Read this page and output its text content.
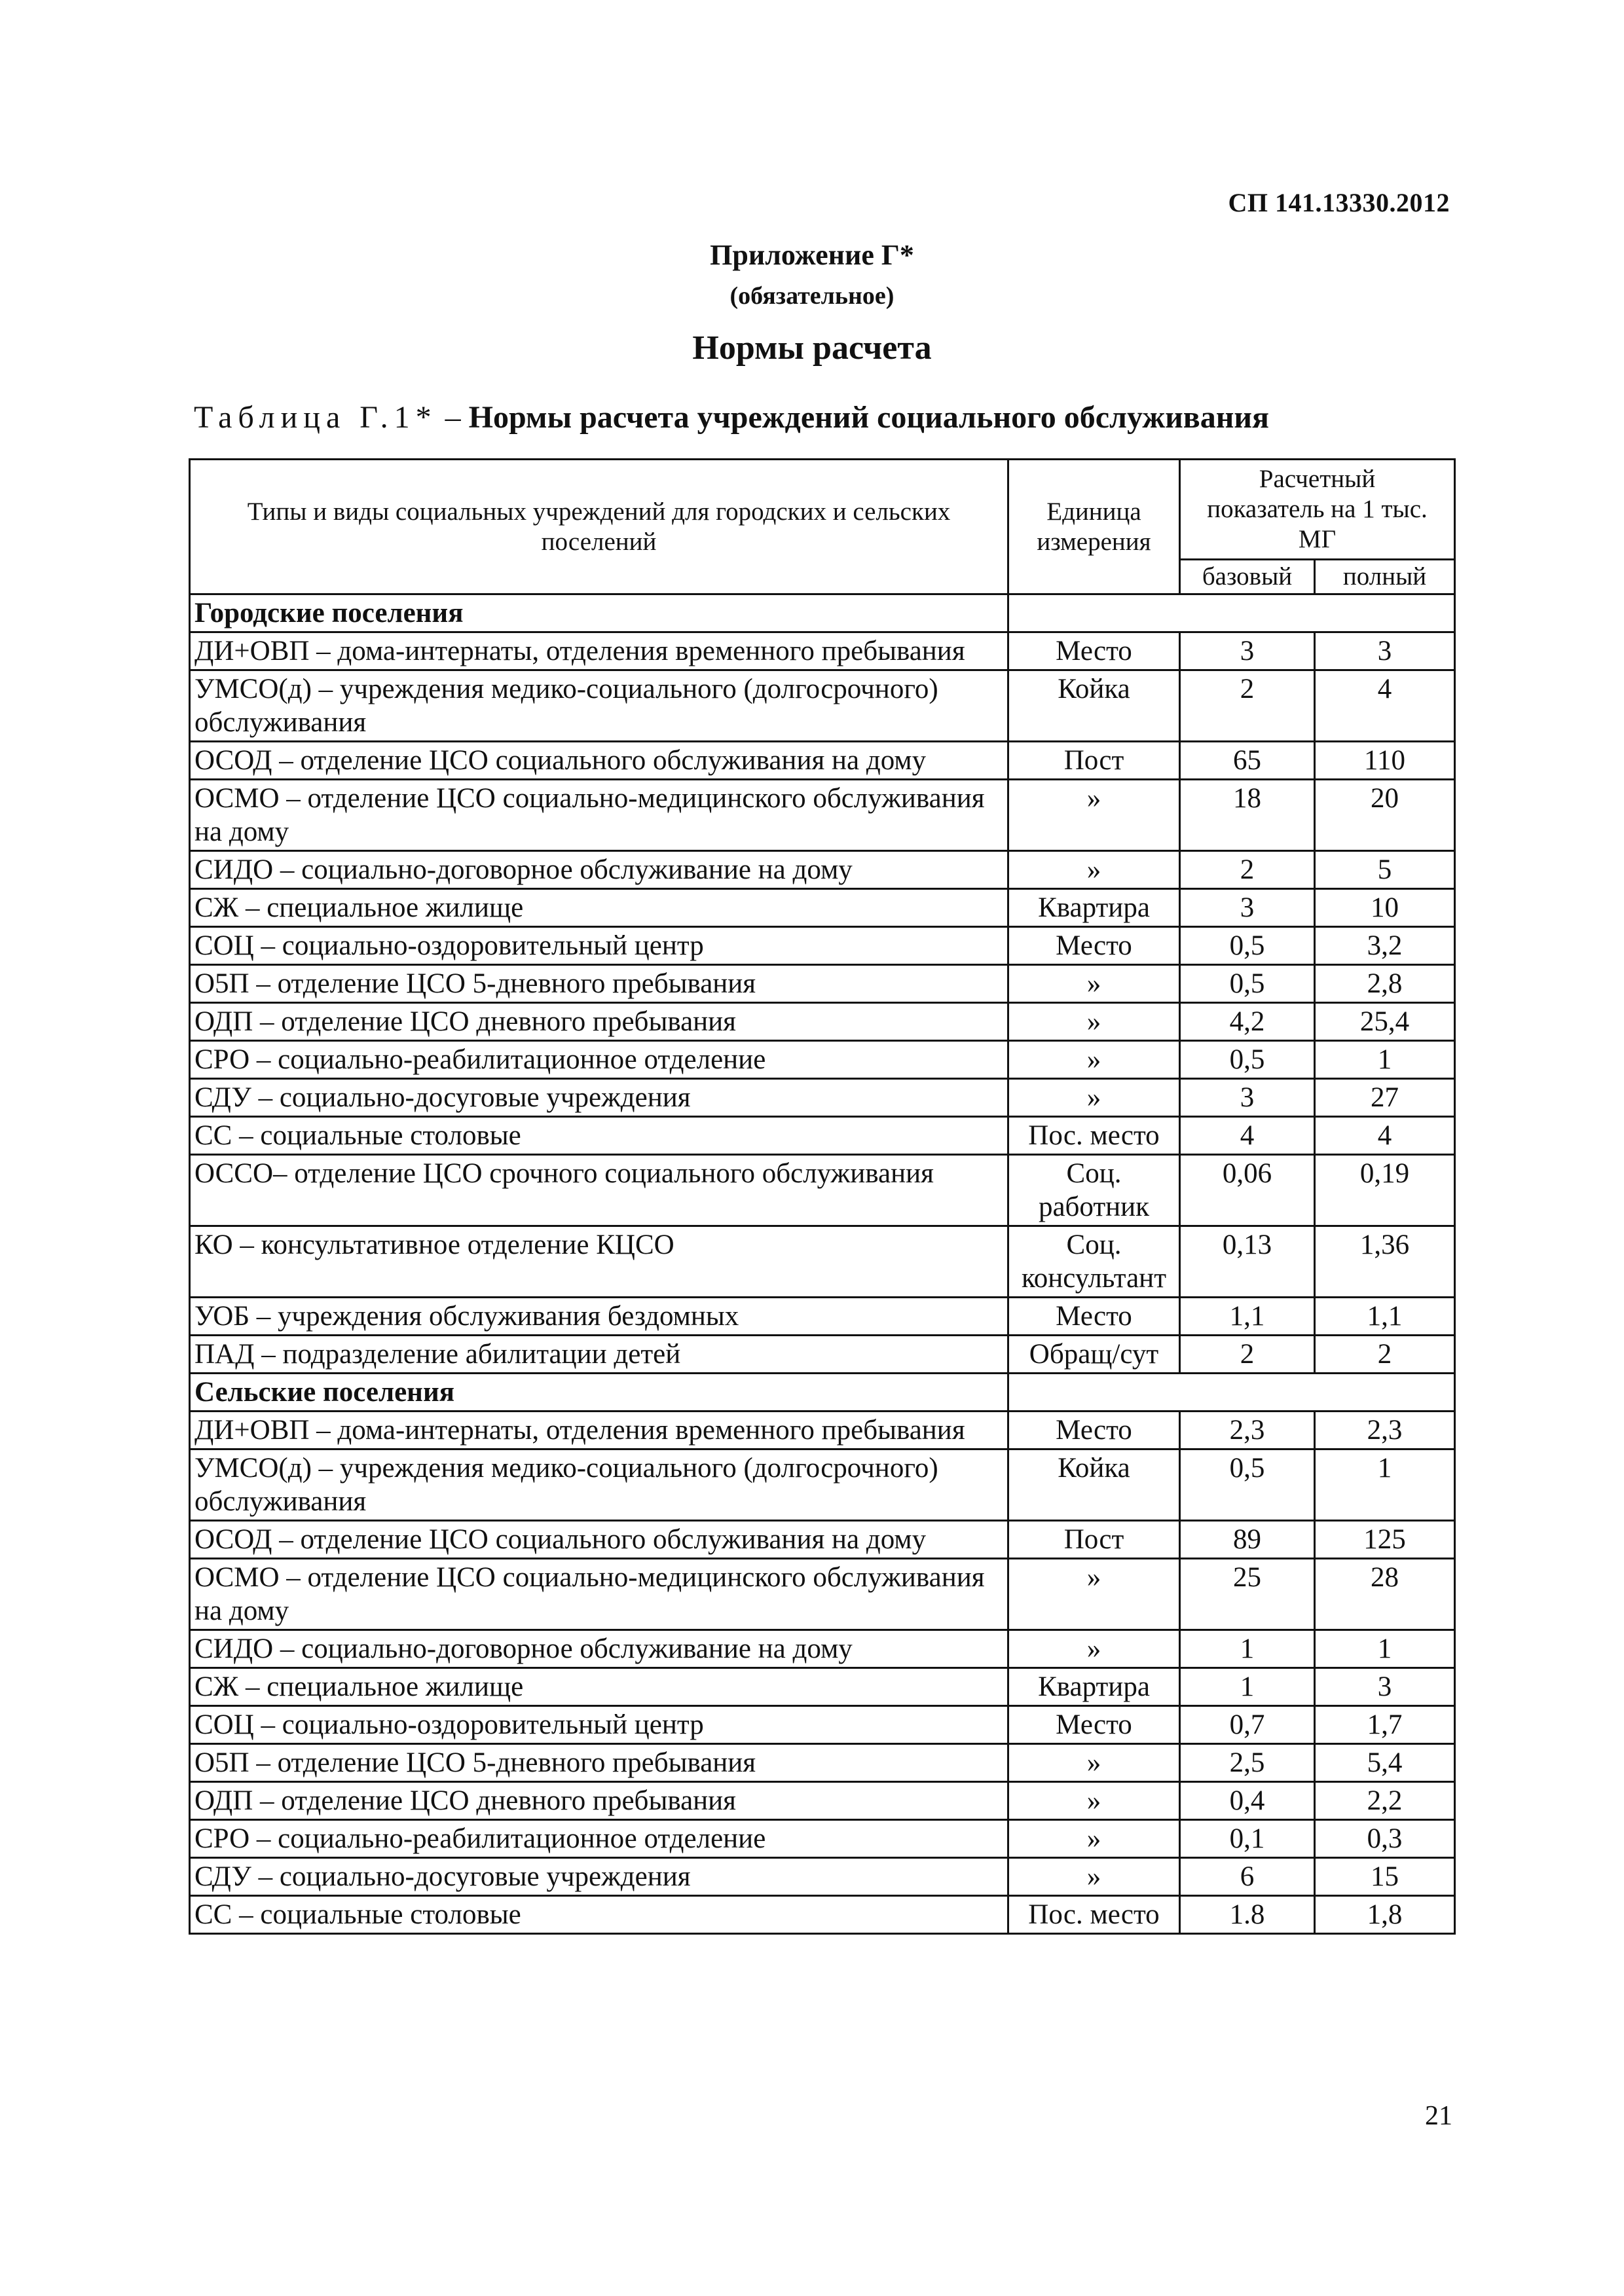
СП 141.13330.2012
Приложение Г*
(обязательное)
Нормы расчета
Таблица Г.1* – Нормы расчета учреждений социального обслуживания
Типы и виды социальных учреждений для городских и сельских поселений	Единица измерения	Расчетный показатель на 1 тыс. МГ	
		базовый	полный
Городские поселения			
ДИ+ОВП – дома-интернаты, отделения временного пребывания	Место	3	3
УМСО(д) – учреждения медико-социального (долгосрочного) обслуживания	Койка	2	4
ОСОД – отделение ЦСО социального обслуживания на дому	Пост	65	110
ОСМО – отделение ЦСО социально-медицинского обслуживания на дому	»	18	20
СИДО – социально-договорное обслуживание на дому	»	2	5
СЖ – специальное жилище	Квартира	3	10
СОЦ – социально-оздоровительный центр	Место	0,5	3,2
О5П – отделение ЦСО 5-дневного пребывания	»	0,5	2,8
ОДП – отделение ЦСО дневного пребывания	»	4,2	25,4
СРО – социально-реабилитационное отделение	»	0,5	1
СДУ – социально-досуговые учреждения	»	3	27
СС – социальные столовые	Пос. место	4	4
ОССО– отделение ЦСО срочного социального обслуживания	Соц. работник	0,06	0,19
КО – консультативное отделение КЦСО	Соц. консультант	0,13	1,36
УОБ – учреждения обслуживания бездомных	Место	1,1	1,1
ПАД – подразделение абилитации детей	Обращ/сут	2	2
Сельские поселения			
ДИ+ОВП – дома-интернаты, отделения временного пребывания	Место	2,3	2,3
УМСО(д) – учреждения медико-социального (долгосрочного) обслуживания	Койка	0,5	1
ОСОД – отделение ЦСО социального обслуживания на дому	Пост	89	125
ОСМО – отделение ЦСО социально-медицинского обслуживания на дому	»	25	28
СИДО – социально-договорное обслуживание на дому	»	1	1
СЖ – специальное жилище	Квартира	1	3
СОЦ – социально-оздоровительный центр	Место	0,7	1,7
О5П – отделение ЦСО 5-дневного пребывания	»	2,5	5,4
ОДП – отделение ЦСО дневного пребывания	»	0,4	2,2
СРО – социально-реабилитационное отделение	»	0,1	0,3
СДУ – социально-досуговые учреждения	»	6	15
СС – социальные столовые	Пос. место	1.8	1,8
21
